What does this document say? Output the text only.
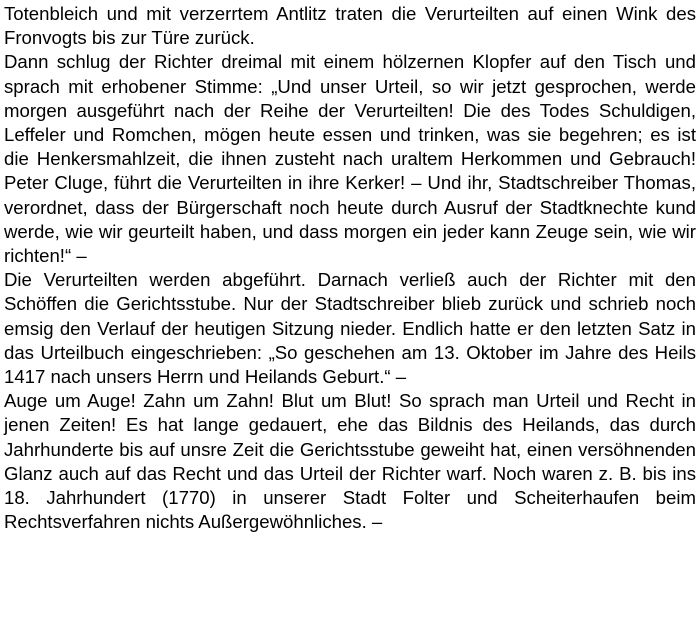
Totenbleich und mit verzerrtem Antlitz traten die Verurteilten auf einen Wink des Fronvogts bis zur Türe zurück.

Dann schlug der Richter dreimal mit einem hölzernen Klopfer auf den Tisch und sprach mit erhobener Stimme: „Und unser Urteil, so wir jetzt gesprochen, werde morgen ausgeführt nach der Reihe der Verurteilten! Die des Todes Schuldigen, Leffeler und Romchen, mögen heute essen und trinken, was sie begehren; es ist die Henkersmahlzeit, die ihnen zusteht nach uraltem Herkommen und Gebrauch! Peter Cluge, führt die Verurteilten in ihre Kerker! – Und ihr, Stadtschreiber Thomas, verordnet, dass der Bürgerschaft noch heute durch Ausruf der Stadtknechte kund werde, wie wir geurteilt haben, und dass morgen ein jeder kann Zeuge sein, wie wir richten!“ –

Die Verurteilten werden abgeführt. Darnach verließ auch der Richter mit den Schöffen die Gerichtsstube. Nur der Stadtschreiber blieb zurück und schrieb noch emsig den Verlauf der heutigen Sitzung nieder. Endlich hatte er den letzten Satz in das Urteilbuch eingeschrieben: „So geschehen am 13. Oktober im Jahre des Heils 1417 nach unsers Herrn und Heilands Geburt.“ –

Auge um Auge! Zahn um Zahn! Blut um Blut! So sprach man Urteil und Recht in jenen Zeiten! Es hat lange gedauert, ehe das Bildnis des Heilands, das durch Jahrhunderte bis auf unsre Zeit die Gerichtsstube geweiht hat, einen versöhnenden Glanz auch auf das Recht und das Urteil der Richter warf. Noch waren z. B. bis ins 18. Jahrhundert (1770) in unserer Stadt Folter und Scheiterhaufen beim Rechtsverfahren nichts Außergewöhnliches. –
